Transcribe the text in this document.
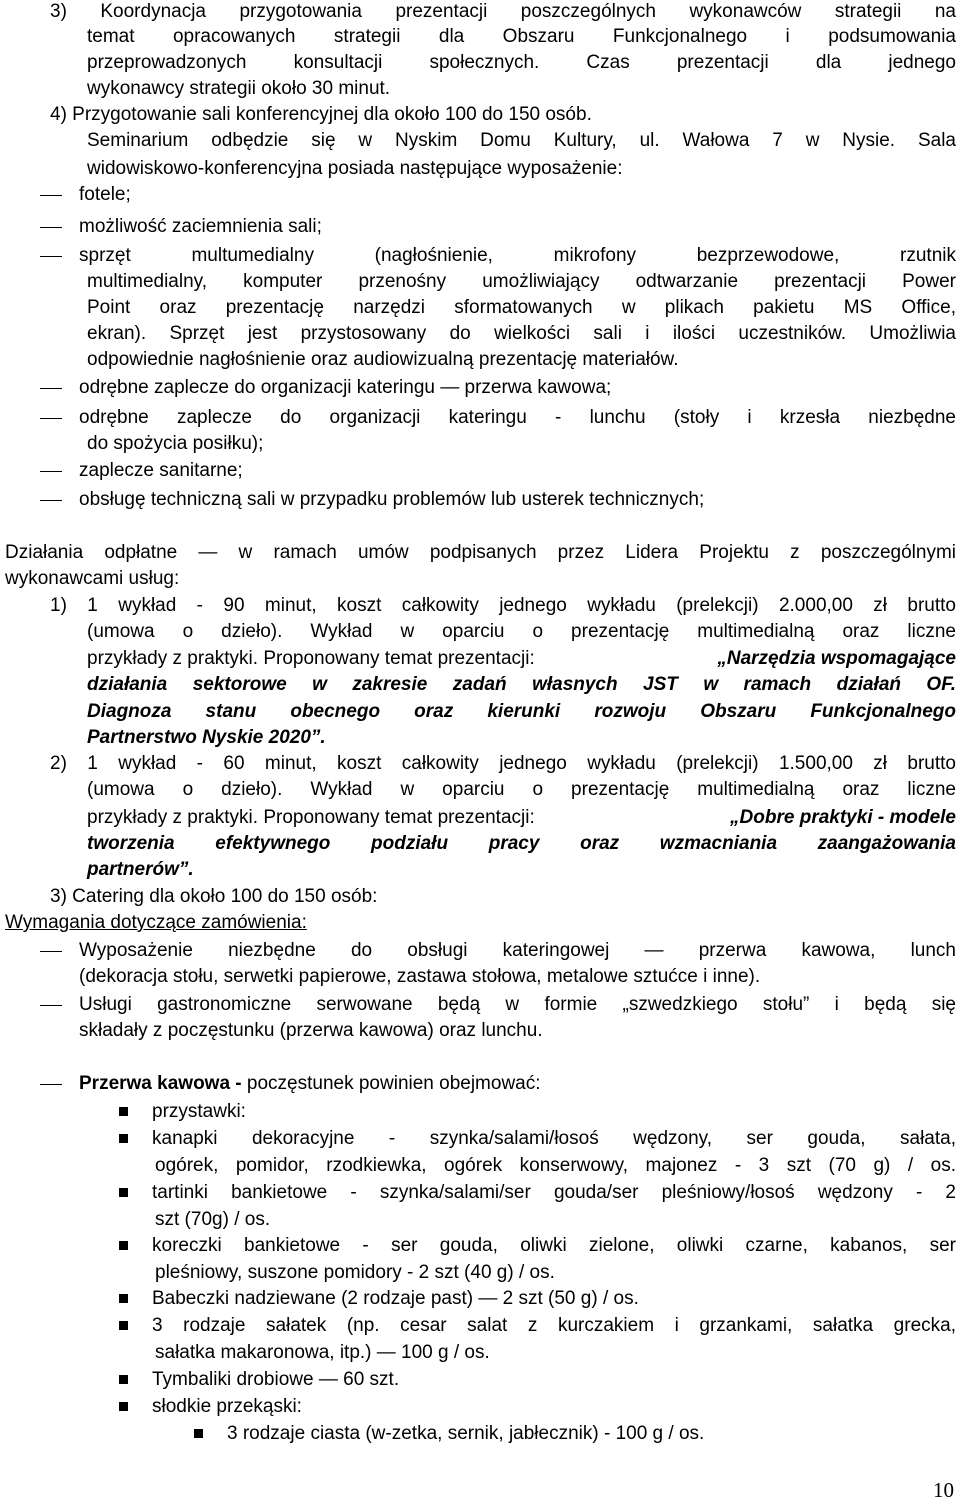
3) Koordynacja przygotowania prezentacji poszczególnych wykonawców strategii na
temat opracowanych strategii dla Obszaru Funkcjonalnego i podsumowania
przeprowadzonych konsultacji społecznych. Czas prezentacji dla jednego
wykonawcy strategii około 30 minut.
4) Przygotowanie sali konferencyjnej dla około 100 do 150 osób.
Seminarium odbędzie się w Nyskim Domu Kultury, ul. Wałowa 7 w Nysie. Sala
widowiskowo-konferencyjna posiada następujące wyposażenie:
fotele;
możliwość zaciemnienia sali;
sprzęt multumedialny (nagłośnienie, mikrofony bezprzewodowe, rzutnik
multimedialny, komputer przenośny umożliwiający odtwarzanie prezentacji Power
Point oraz prezentację narzędzi sformatowanych w plikach pakietu MS Office,
ekran). Sprzęt jest przystosowany do wielkości sali i ilości uczestników. Umożliwia
odpowiednie nagłośnienie oraz audiowizualną prezentację materiałów.
odrębne zaplecze do organizacji kateringu — przerwa kawowa;
odrębne zaplecze do organizacji kateringu - lunchu (stoły i krzesła niezbędne
do spożycia posiłku);
zaplecze sanitarne;
obsługę techniczną sali w przypadku problemów lub usterek technicznych;
Działania odpłatne — w ramach umów podpisanych przez Lidera Projektu z poszczególnymi
wykonawcami usług:
1) 1 wykład - 90 minut, koszt całkowity jednego wykładu (prelekcji) 2.000,00 zł brutto
(umowa o dzieło). Wykład w oparciu o prezentację multimedialną oraz liczne
przykłady z praktyki. Proponowany temat prezentacji:	„Narzędzia wspomagające
działania sektorowe w zakresie zadań własnych JST w ramach działań OF.
Diagnoza stanu obecnego oraz kierunki rozwoju Obszaru Funkcjonalnego
Partnerstwo Nyskie 2020”.
2) 1 wykład - 60 minut, koszt całkowity jednego wykładu (prelekcji) 1.500,00 zł brutto
(umowa o dzieło). Wykład w oparciu o prezentację multimedialną oraz liczne
przykłady z praktyki. Proponowany temat prezentacji:	„Dobre praktyki - modele
tworzenia efektywnego podziału pracy oraz wzmacniania zaangażowania
partnerów”.
3) Catering dla około 100 do 150 osób:
Wymagania dotyczące zamówienia:
Wyposażenie niezbędne do obsługi kateringowej — przerwa kawowa, lunch
(dekoracja stołu, serwetki papierowe, zastawa stołowa, metalowe sztućce i inne).
Usługi gastronomiczne serwowane będą w formie „szwedzkiego stołu” i będą się
składały z poczęstunku (przerwa kawowa) oraz lunchu.
Przerwa kawowa - poczęstunek powinien obejmować:
przystawki:
kanapki dekoracyjne - szynka/salami/łosoś wędzony, ser gouda, sałata,
ogórek, pomidor, rzodkiewka, ogórek konserwowy, majonez - 3 szt (70 g) / os.
tartinki bankietowe - szynka/salami/ser gouda/ser pleśniowy/łosoś wędzony - 2
szt (70g) / os.
koreczki bankietowe - ser gouda, oliwki zielone, oliwki czarne, kabanos, ser
pleśniowy, suszone pomidory - 2 szt (40 g) / os.
Babeczki nadziewane (2 rodzaje past) — 2 szt (50 g) / os.
3 rodzaje sałatek (np. cesar salat z kurczakiem i grzankami, sałatka grecka,
sałatka makaronowa, itp.) — 100 g / os.
Tymbaliki drobiowe — 60 szt.
słodkie przekąski:
3 rodzaje ciasta (w-zetka, sernik, jabłecznik) - 100 g / os.
10
